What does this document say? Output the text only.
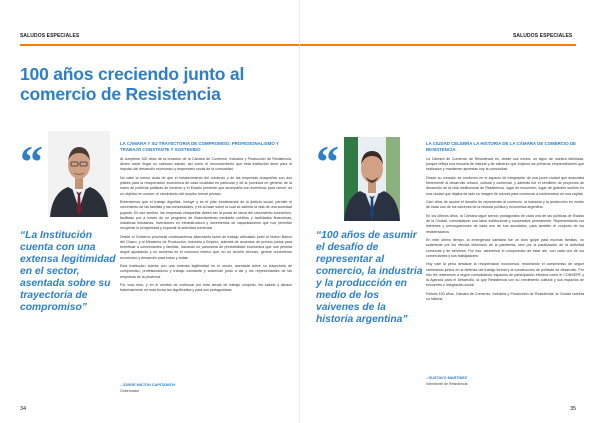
SALUDOS ESPECIALES
100 años creciendo junto al comercio de Resistencia
“
“La Institución cuenta con una extensa legitimidad en el sector, asentada sobre su trayectoria de compromiso”
LA CÁMARA Y SU TRAYECTORIA DE COMPROMISO, PROFESIONALISMO Y TRABAJO CONSTANTE Y SOSTENIDO

Al cumplirse 100 años de la creación de la Cámara de Comercio, Industria y Producción de Resistencia, deseo hacer llegar un caluroso saludo, así como el reconocimiento que esta institución tiene para el impulso del desarrollo económico y empresario social de la comunidad.

No cabe la menor duda de que el fortalecimiento del comercio y de las empresas chaqueñas son dos pilares para la recuperación económica de cada localidad en particular y de la provincia en general: de la mano de políticas públicas de fomento y el Estado presente que acompaña con incentivos para crecer, es un objetivo en común: el crecimiento del empleo formal privado.

Entendemos que el trabajo dignifica, incluye y es el pilar fundamental de la justicia social, permite el crecimiento de las familias y las comunidades, y es la base sobre la cual se asienta la vida de una sociedad pujante. En ese sentido, las empresas chaqueñas deben ser la punta de lanza del crecimiento económico, facilitado por a través de un programa de financiamiento mediante créditos y facilidades financieras, iniciativas tributarias, inversiones en infraestructura y incrementos de capacitaciones que nos permitan recuperar la prosperidad y expandir la actividad comercial.

Desde el Gobierno provincial continuaremos afianzando lazos de trabajo articulado junto al Nuevo Banco del Chaco, y al Ministerio de Producción, Industria y Empleo, además de acuerdos de precios justos para beneficiar a comerciantes y familias, trazando un panorama de previsibilidad económica que nos permita seguir apostando y un aumento en el consumo interno que, en un circuito virtuoso, genere crecimiento económico y desarrollo para todos y todas.

Esta Institución cuenta con una extensa legitimidad en el sector, asentada sobre su trayectoria de compromiso, profesionalismo y trabajo constante y sostenido junto a las y los representantes de las empresas de la provincia.

Por todo esto, y en el sentido de continuar por esta senda de trabajo conjunto, les saludo y abrazo fraternalmente en esta fecha tan significativa y para sus protagonistas.

- JORGE MILTON CAPITANICH
Gobernador
34
SALUDOS ESPECIALES
“
“100 años de asumir el desafío de representar al comercio, la industria y la producción en medio de los vaivenes de la historia argentina”
LA CIUDAD CELEBRA LA HISTORIA DE LA CÁMARA DE COMERCIO DE RESISTENCIA

La Cámara de Comercio de Resistencia es, desde sus inicios, un signo de nuestra identidad, porque refleja una escuela de historia y de esfuerzo que forjaron los primeros emprendedores que realizaron y mantienen apuestas hoy la comunidad.

Desde su creación se conformó en el espacio de integración de una joven ciudad que avanzaba firmemente al desarrollo urbano, cultural y comercial, y además fue el semillero de proyectos de desarrollo de la vida institucional de Resistencia, lugar de encuentro, lugar de grandes sueños en una ciudad que dejaba de lado su imagen de colonia para comenzar a conformarse en una capital.

Cien años de asumir el desafío de representar al comercio, la industria y la producción en medio de cada uno de los vaivenes de la historia política y económica argentina.

En los últimos años, la Cámara sigue siendo protagonista de cada una de las políticas de Estado de la Ciudad, consolidando una labor institucional y cooperativa permanente. Representando los intereses y preocupaciones de cada uno de sus asociados, para también el conjunto de los resistencianos.

En este último tiempo, la emergencia sanitaria fue un duro golpe para muchas familias, no solamente por los efectos dolorosos de la pandemia, sino por la paralización de la actividad comercial y de servicios. Por eso, asumimos el compromiso de estar ahí, con cada uno de los comerciantes y sus trabajadores.

Hoy vale la pena destacar la recuperación económica, redoblando el compromiso de seguir caminando juntos en la defensa del trabajo formal y la construcción de políticas de desarrollo. Por ello les reiteramos a seguir consolidando espacios de participación efectiva como el CONSEPE y la Agencia para el Desarrollo, la que Resistencia con su crecimiento cultural y sus espacios de encuentro e integración social.

Felices 100 años, Cámara de Comercio, Industria y Producción de Resistencia; la Ciudad celebra su historia.

- GUSTAVO MARTÍNEZ
Intendente de Resistencia
35
